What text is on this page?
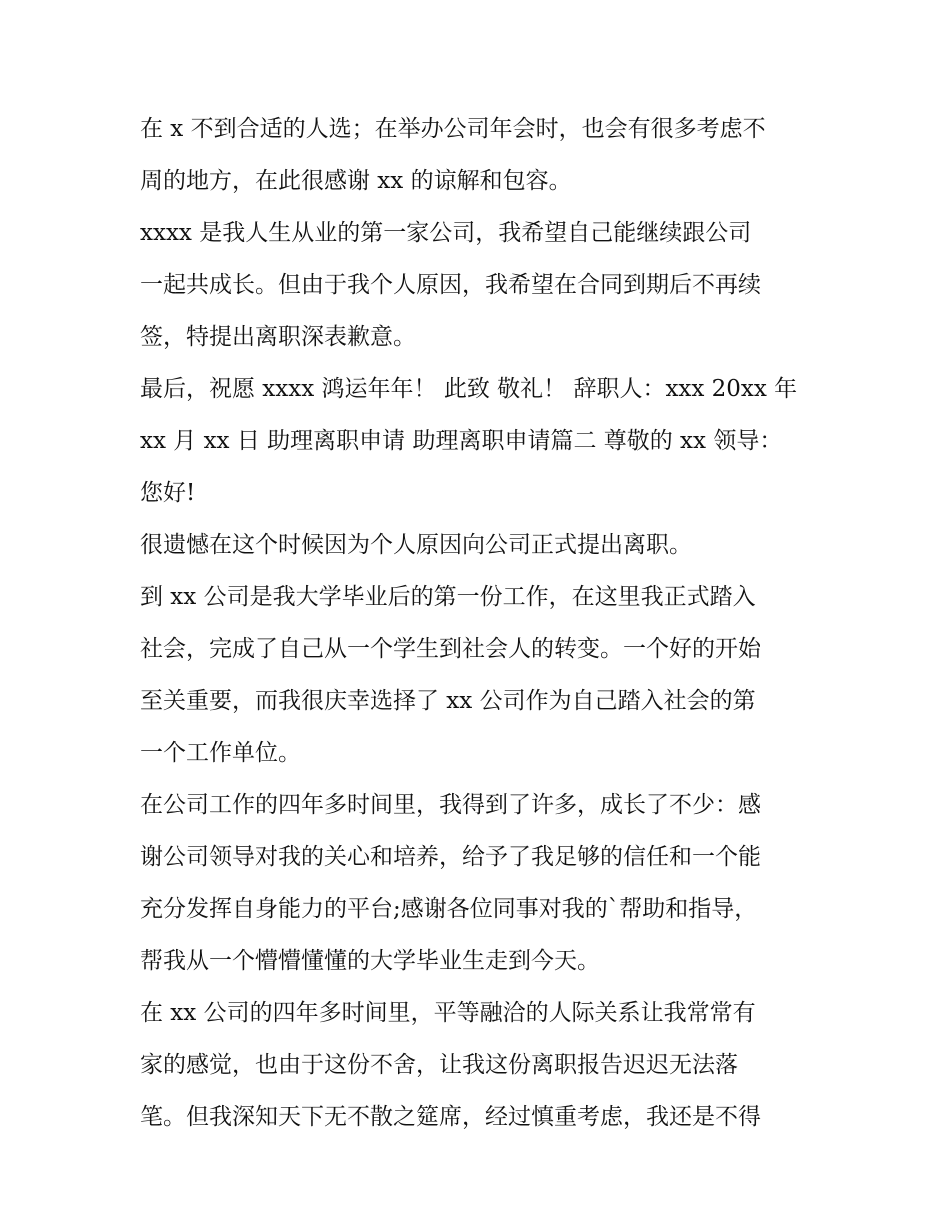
在 x 不到合适的人选；在举办公司年会时，也会有很多考虑不
周的地方，在此很感谢 xx 的谅解和包容。
xxxx 是我人生从业的第一家公司，我希望自己能继续跟公司
一起共成长。但由于我个人原因，我希望在合同到期后不再续
签，特提出离职深表歉意。
最后，祝愿 xxxx 鸿运年年！ 此致 敬礼！ 辞职人：xxx 20xx 年
xx 月 xx 日 助理离职申请 助理离职申请篇二 尊敬的 xx 领导：
您好!
很遗憾在这个时候因为个人原因向公司正式提出离职。
到 xx 公司是我大学毕业后的第一份工作，在这里我正式踏入
社会，完成了自己从一个学生到社会人的转变。一个好的开始
至关重要，而我很庆幸选择了 xx 公司作为自己踏入社会的第
一个工作单位。
在公司工作的四年多时间里，我得到了许多，成长了不少：感
谢公司领导对我的关心和培养，给予了我足够的信任和一个能
充分发挥自身能力的平台;感谢各位同事对我的`帮助和指导，
帮我从一个懵懵懂懂的大学毕业生走到今天。
在 xx 公司的四年多时间里，平等融洽的人际关系让我常常有
家的感觉，也由于这份不舍，让我这份离职报告迟迟无法落
笔。但我深知天下无不散之筵席，经过慎重考虑，我还是不得
